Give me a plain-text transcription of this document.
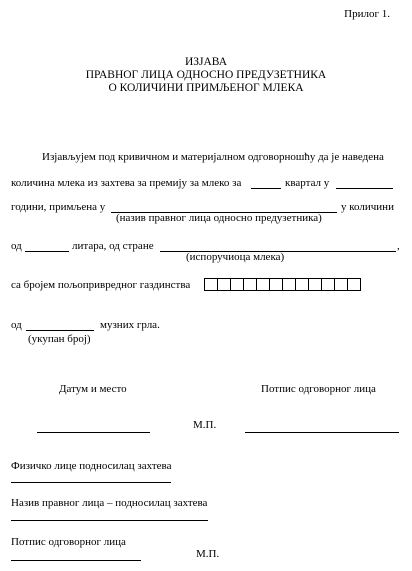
Прилог 1.
ИЗЈАВА
ПРАВНОГ ЛИЦА ОДНОСНО ПРЕДУЗЕТНИКА
О КОЛИЧИНИ ПРИМЉЕНОГ МЛЕКА
Изјављујем под кривичном и материјалном одговорношћу да је наведена
количина млека из захтева за премију за млеко за	квартал у
години, примљена у	у количини
(назив правног лица односно предузетника)
од	литара, од стране	,
(испоручиоца млека)
са бројем пољопривредног газдинства
од	музних грла.
(укупан број)
Датум и место	Потпис одговорног лица
М.П.
Физичко лице подносилац захтева
Назив правног лица – подносилац захтева
Потпис одговорног лица
М.П.
